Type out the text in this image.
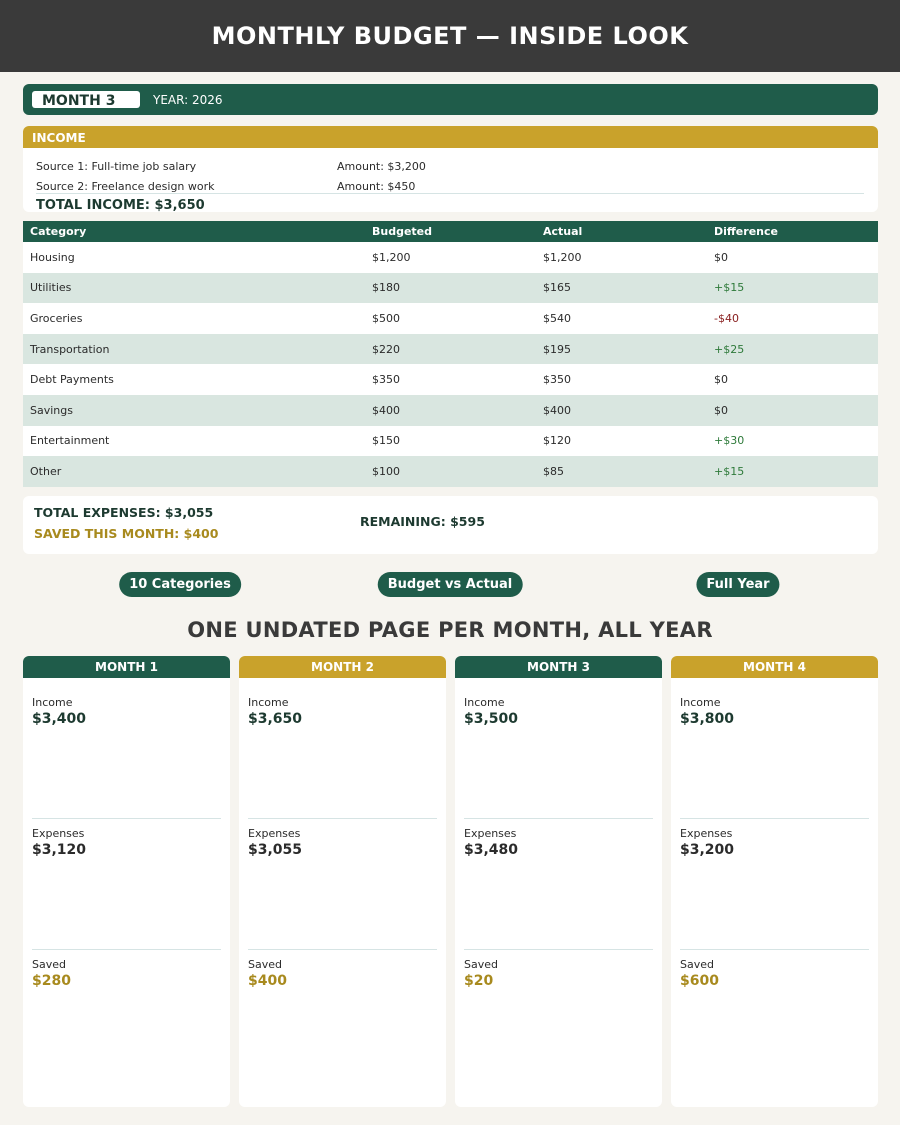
MONTHLY BUDGET — INSIDE LOOK
MONTH 3	YEAR: 2026
INCOME
Source 1: Full-time job salary	Amount: $3,200
Source 2: Freelance design work	Amount: $450
TOTAL INCOME: $3,650
Category	Budgeted	Actual	Difference
Housing	$1,200	$1,200	$0
Utilities	$180	$165	+$15
Groceries	$500	$540	-$40
Transportation	$220	$195	+$25
Debt Payments	$350	$350	$0
Savings	$400	$400	$0
Entertainment	$150	$120	+$30
Other	$100	$85	+$15
TOTAL EXPENSES: $3,055
SAVED THIS MONTH: $400
REMAINING: $595
10 Categories	Budget vs Actual	Full Year
ONE UNDATED PAGE PER MONTH, ALL YEAR
MONTH 1
Income
$3,400
Expenses
$3,120
Saved
$280
MONTH 2
Income
$3,650
Expenses
$3,055
Saved
$400
MONTH 3
Income
$3,500
Expenses
$3,480
Saved
$20
MONTH 4
Income
$3,800
Expenses
$3,200
Saved
$600
